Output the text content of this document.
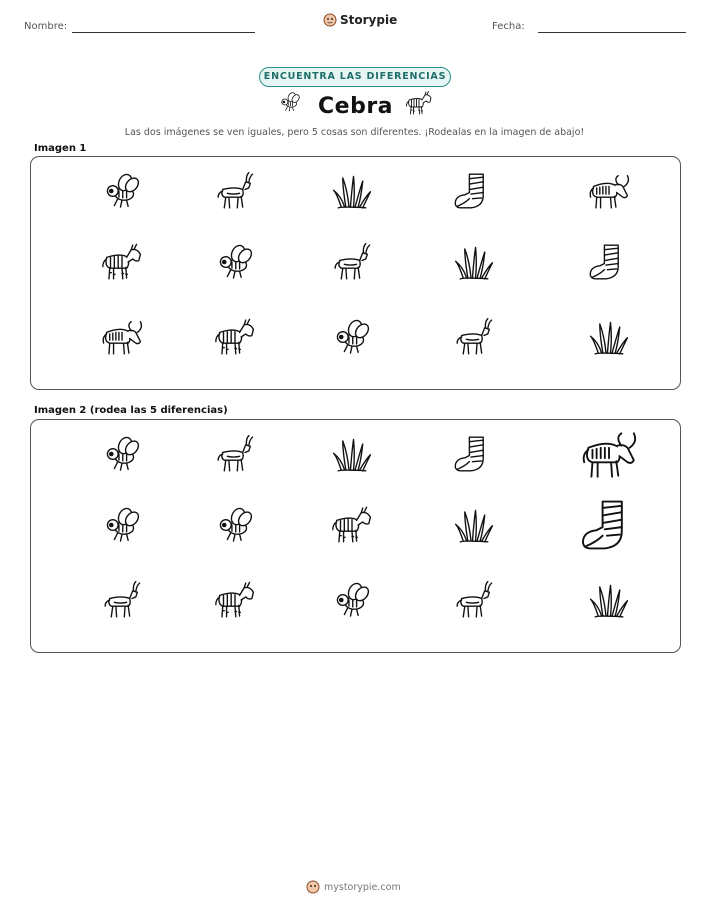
Nombre:	Storypie	Fecha:
ENCUENTRA LAS DIFERENCIAS
Cebra
Las dos imágenes se ven iguales, pero 5 cosas son diferentes. ¡Rodealas en la imagen de abajo!
Imagen 1
Imagen 2 (rodea las 5 diferencias)
mystorypie.com
